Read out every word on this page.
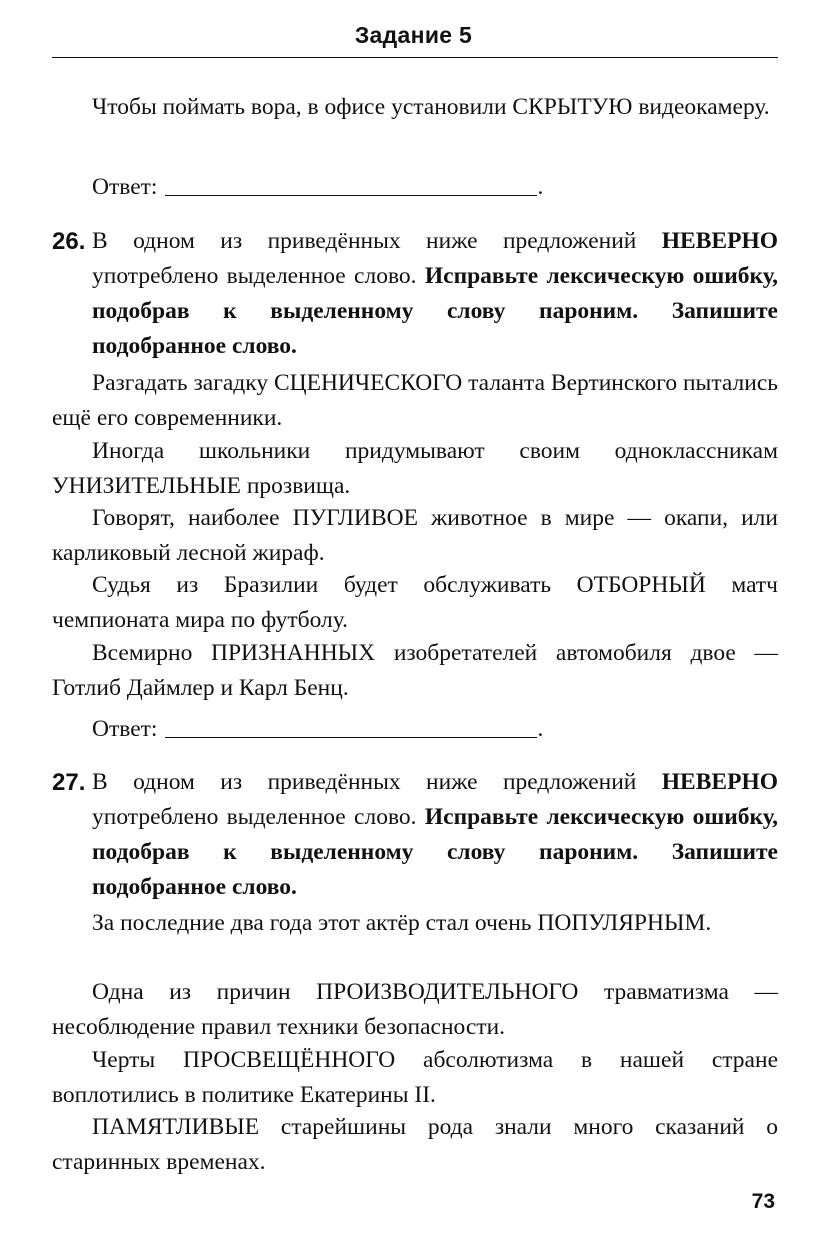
Задание 5

Чтобы поймать вора, в офисе установили СКРЫТУЮ видеокамеру.

Ответ:	.
26. В одном из приведённых ниже предложений НЕВЕРНО употреблено выделенное слово. Исправьте лексическую ошибку, подобрав к выделенному слову пароним. Запишите подобранное слово.

Разгадать загадку СЦЕНИЧЕСКОГО таланта Вертинского пытались ещё его современники.

Иногда школьники придумывают своим одноклассникам УНИЗИТЕЛЬНЫЕ прозвища.

Говорят, наиболее ПУГЛИВОЕ животное в мире — окапи, или карликовый лесной жираф.

Судья из Бразилии будет обслуживать ОТБОРНЫЙ матч чемпионата мира по футболу.

Всемирно ПРИЗНАННЫХ изобретателей автомобиля двое — Готлиб Даймлер и Карл Бенц.

Ответ:	.
27. В одном из приведённых ниже предложений НЕВЕРНО употреблено выделенное слово. Исправьте лексическую ошибку, подобрав к выделенному слову пароним. Запишите подобранное слово.

За последние два года этот актёр стал очень ПОПУЛЯРНЫМ.

Одна из причин ПРОИЗВОДИТЕЛЬНОГО травматизма — несоблюдение правил техники безопасности.

Черты ПРОСВЕЩЁННОГО абсолютизма в нашей стране воплотились в политике Екатерины II.

ПАМЯТЛИВЫЕ старейшины рода знали много сказаний о старинных временах.

73
